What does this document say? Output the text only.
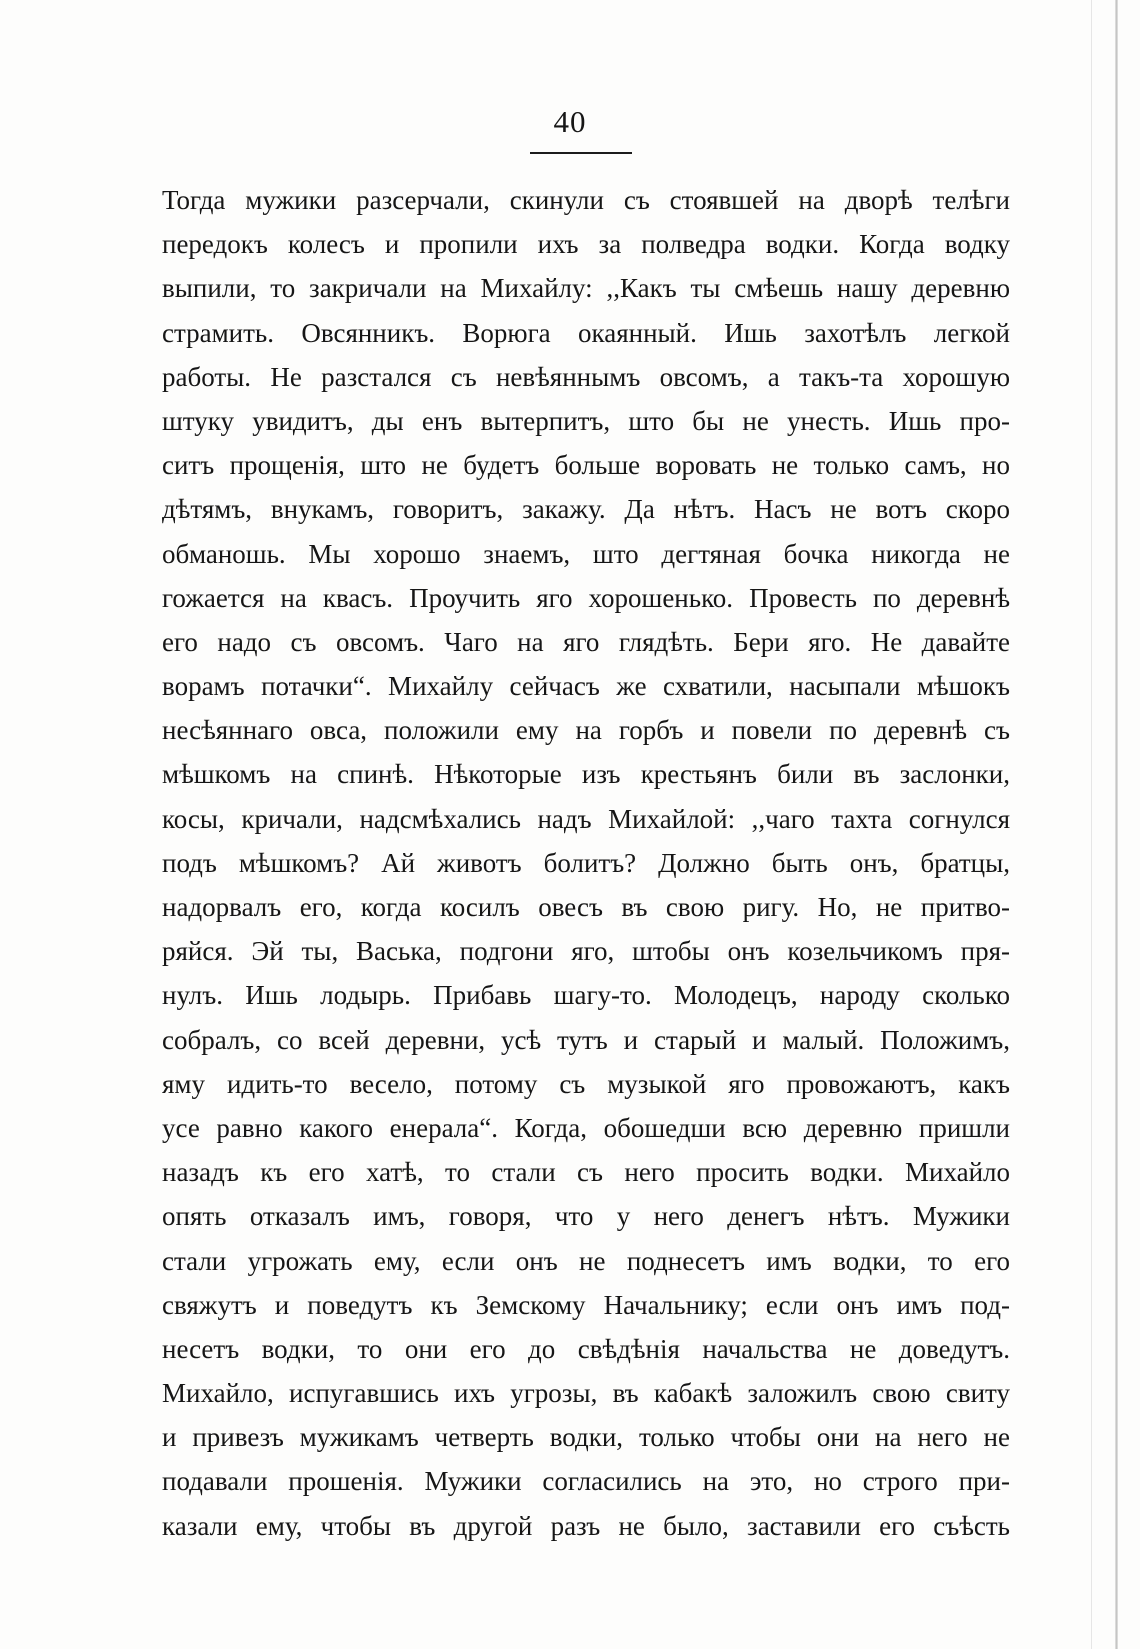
40
Тогда мужики разсерчали, скинули съ стоявшей на дворѣ телѣги
передокъ колесъ и пропили ихъ за полведра водки. Когда водку
выпили, то закричали на Михайлу: ,,Какъ ты смѣешь нашу деревню
страмить. Овсянникъ. Ворюга окаянный. Ишь захотѣлъ легкой
работы. Не разстался съ невѣяннымъ овсомъ, а такъ-та хорошую
штуку увидитъ, ды енъ вытерпитъ, што бы не унесть. Ишь про-
ситъ прощенія, што не будетъ больше воровать не только самъ, но
дѣтямъ, внукамъ, говоритъ, закажу. Да нѣтъ. Насъ не вотъ скоро
обманошь. Мы хорошо знаемъ, што дегтяная бочка никогда не
гожается на квасъ. Проучить яго хорошенько. Провесть по деревнѣ
его надо съ овсомъ. Чаго на яго глядѣть. Бери яго. Не давайте
ворамъ потачки“. Михайлу сейчасъ же схватили, насыпали мѣшокъ
несѣяннаго овса, положили ему на горбъ и повели по деревнѣ съ
мѣшкомъ на спинѣ. Нѣкоторые изъ крестьянъ били въ заслонки,
косы, кричали, надсмѣхались надъ Михайлой: ,,чаго тахта согнулся
подъ мѣшкомъ? Ай животъ болитъ? Должно быть онъ, братцы,
надорвалъ его, когда косилъ овесъ въ свою ригу. Но, не притво-
ряйся. Эй ты, Васька, подгони яго, штобы онъ козельчикомъ пря-
нулъ. Ишь лодырь. Прибавь шагу-то. Молодецъ, народу сколько
собралъ, со всей деревни, усѣ тутъ и старый и малый. Положимъ,
яму идить-то весело, потому съ музыкой яго провожаютъ, какъ
усе равно какого енерала“. Когда, обошедши всю деревню пришли
назадъ къ его хатѣ, то стали съ него просить водки. Михайло
опять отказалъ имъ, говоря, что у него денегъ нѣтъ. Мужики
стали угрожать ему, если онъ не поднесетъ имъ водки, то его
свяжутъ и поведутъ къ Земскому Начальнику; если онъ имъ под-
несетъ водки, то они его до свѣдѣнія начальства не доведутъ.
Михайло, испугавшись ихъ угрозы, въ кабакѣ заложилъ свою свиту
и привезъ мужикамъ четверть водки, только чтобы они на него не
подавали прошенія. Мужики согласились на это, но строго при-
казали ему, чтобы въ другой разъ не было, заставили его съѣсть
